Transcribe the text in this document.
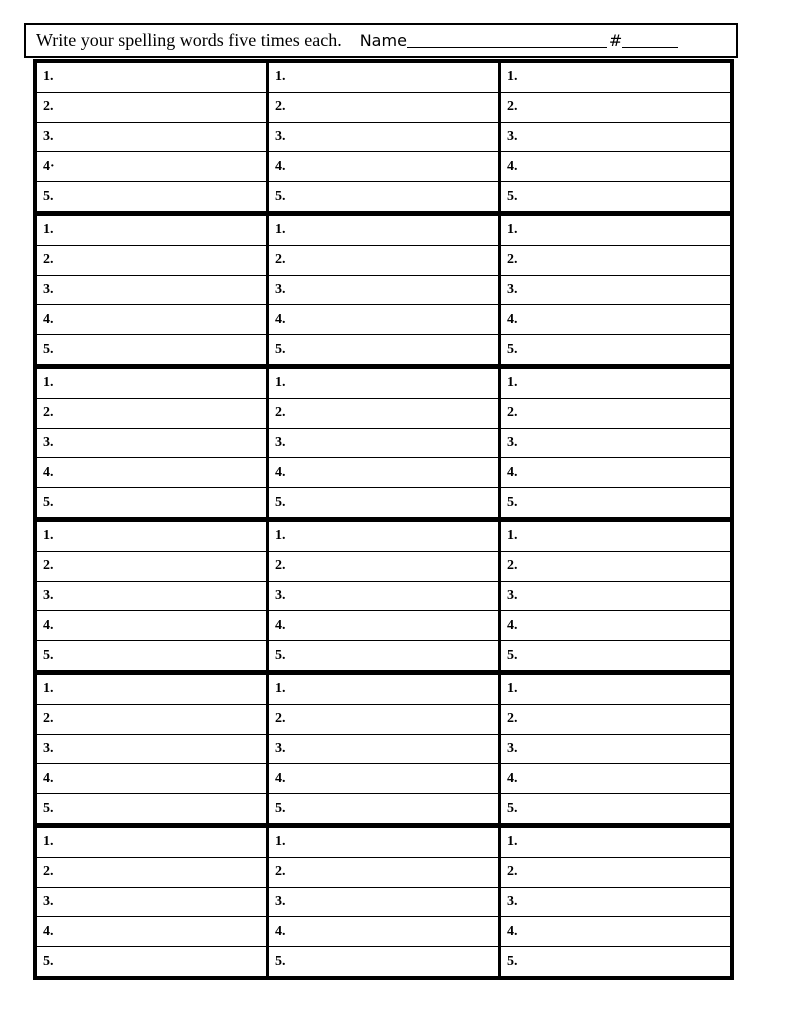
Write your spelling words five times each. Name	#
1.
2.
3.
4·
5.
1.
2.
3.
4.
5.
1.
2.
3.
4.
5.
1.
2.
3.
4.
5.
1.
2.
3.
4.
5.
1.
2.
3.
4.
5.
1.
2.
3.
4.
5.
1.
2.
3.
4.
5.
1.
2.
3.
4.
5.
1.
2.
3.
4.
5.
1.
2.
3.
4.
5.
1.
2.
3.
4.
5.
1.
2.
3.
4.
5.
1.
2.
3.
4.
5.
1.
2.
3.
4.
5.
1.
2.
3.
4.
5.
1.
2.
3.
4.
5.
1.
2.
3.
4.
5.
